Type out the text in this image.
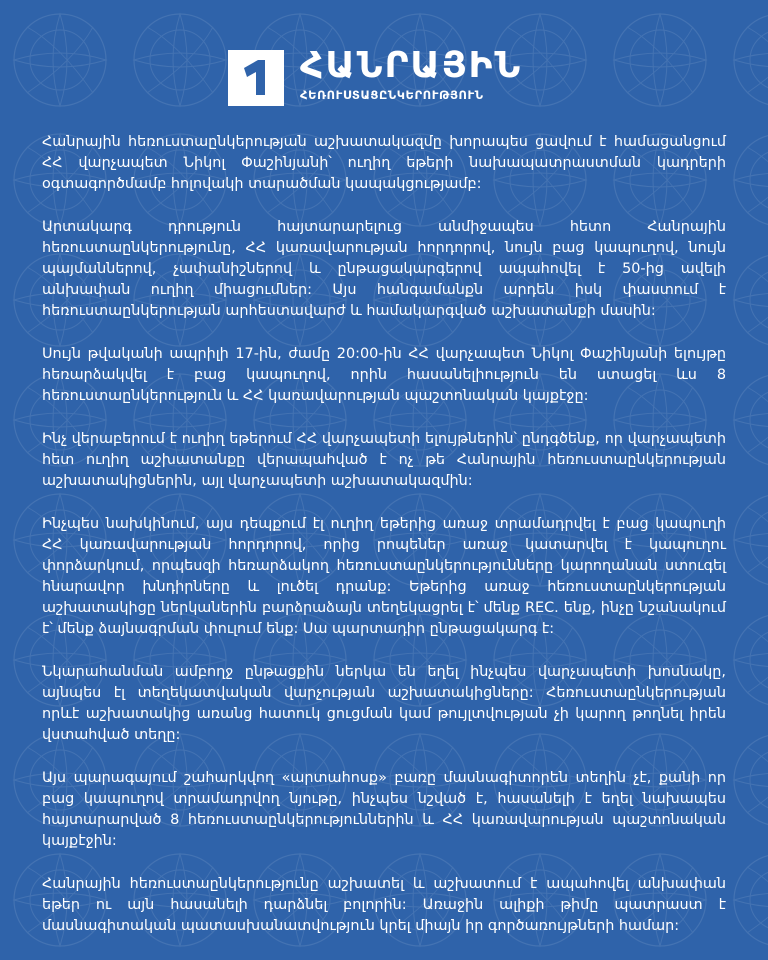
ՀԱՆՐԱՅԻՆ
ՀԵՌՈՒՍՏԱՑԸՆԿԵՐՈՒԹՅՈՒՆ

Հանրային հեռուստաընկերության աշխատակազմը խորապես ցավում է համացանցում ՀՀ վարչապետ Նիկոլ Փաշինյանի՝ ուղիղ եթերի նախապատրաստման կադրերի օգտագործմամբ հոլովակի տարածման կապակցությամբ:

Արտակարգ դրություն հայտարարելուց անմիջապես հետո Հանրային հեռուստաընկերությունը, ՀՀ կառավարության հորդորով, նույն բաց կապուղով, նույն պայմաններով, չափանիշներով և ընթացակարգերով ապահովել է 50-ից ավելի անխափան ուղիղ միացումներ: Այս հանգամանքն արդեն իսկ փաստում է հեռուստաընկերության արհեստավարժ և համակարգված աշխատանքի մասին:

Սույն թվականի ապրիլի 17-ին, ժամը 20:00-ին ՀՀ վարչապետ Նիկոլ Փաշինյանի ելույթը հեռարձակվել է բաց կապուղով, որին հասանելիություն են ստացել ևս 8 հեռուստաընկերություն և ՀՀ կառավարության պաշտոնական կայքէջը:

Ինչ վերաբերում է ուղիղ եթերում ՀՀ վարչապետի ելույթներին՝ ընդգծենք, որ վարչապետի հետ ուղիղ աշխատանքը վերապահված է ոչ թե Հանրային հեռուստաընկերության աշխատակիցներին, այլ վարչապետի աշխատակազմին:

Ինչպես նախկինում, այս դեպքում էլ ուղիղ եթերից առաջ տրամադրվել է բաց կապուղի ՀՀ կառավարության հորդորով, որից րոպեներ առաջ կատարվել է կապուղու փորձարկում, որպեսզի հեռարձակող հեռուստաընկերությունները կարողանան ստուգել հնարավոր խնդիրները և լուծել դրանք: Եթերից առաջ հեռուստաընկերության աշխատակիցը ներկաներին բարձրաձայն տեղեկացրել է՝ մենք REC. ենք, ինչը նշանակում է՝ մենք ձայնագրման փուլում ենք: Սա պարտադիր ընթացակարգ է:

Նկարահանման ամբողջ ընթացքին ներկա են եղել ինչպես վարչապետի խոսնակը, այնպես էլ տեղեկատվական վարչության աշխատակիցները: Հեռուստաընկերության որևէ աշխատակից առանց հատուկ ցուցման կամ թույլտվության չի կարող թողնել իրեն վստահված տեղը:

Այս պարագայում շահարկվող «արտահոսք» բառը մասնագիտորեն տեղին չէ, քանի որ բաց կապուղով տրամադրվող նյութը, ինչպես նշված է, հասանելի է եղել նախապես հայտարարված 8 հեռուստաընկերություններին և ՀՀ կառավարության պաշտոնական կայքէջին:

Հանրային հեռուստաընկերությունը աշխատել և աշխատում է ապահովել անխափան եթեր ու այն հասանելի դարձնել բոլորին: Առաջին ալիքի թիմը պատրաստ է մասնագիտական պատասխանատվություն կրել միայն իր գործառույթների համար:
